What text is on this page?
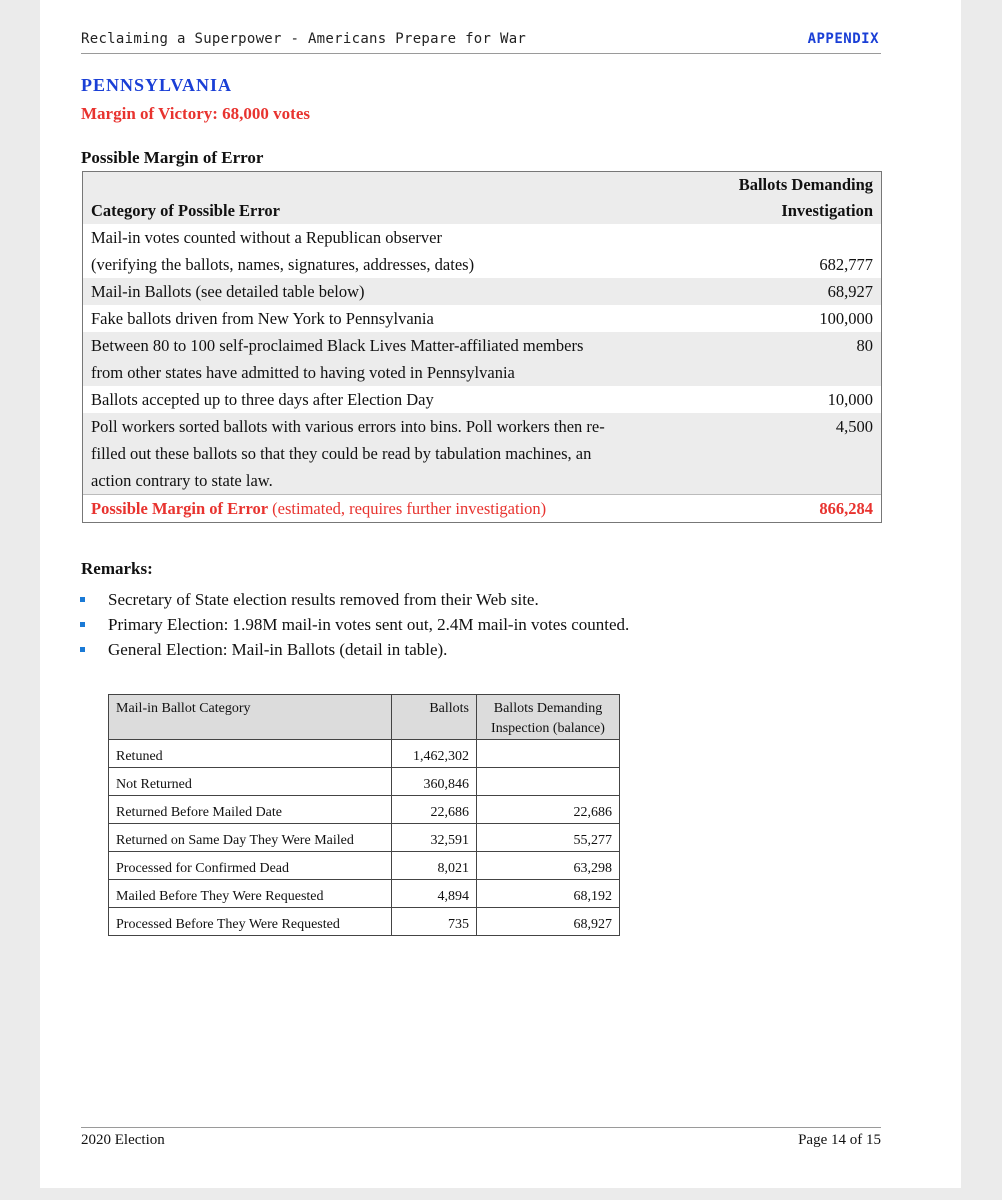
Reclaiming a Superpower - Americans Prepare for War	APPENDIX
PENNSYLVANIA
Margin of Victory: 68,000 votes
Possible Margin of Error
Category of Possible Error
Ballots Demanding
Investigation
Mail-in votes counted without a Republican observer
(verifying the ballots, names, signatures, addresses, dates)	682,777
Mail-in Ballots (see detailed table below)	68,927
Fake ballots driven from New York to Pennsylvania	100,000
Between 80 to 100 self-proclaimed Black Lives Matter-affiliated members
from other states have admitted to having voted in Pennsylvania
80
Ballots accepted up to three days after Election Day	10,000
Poll workers sorted ballots with various errors into bins. Poll workers then re-
filled out these ballots so that they could be read by tabulation machines, an
action contrary to state law.
4,500
Possible Margin of Error (estimated, requires further investigation)	866,284
Remarks:
Secretary of State election results removed from their Web site.
Primary Election: 1.98M mail-in votes sent out, 2.4M mail-in votes counted.
General Election: Mail-in Ballots (detail in table).
Mail-in Ballot Category	Ballots	Ballots Demanding
Inspection (balance)

Retuned	1,462,302	
Not Returned	360,846	
Returned Before Mailed Date	22,686	22,686
Returned on Same Day They Were Mailed	32,591	55,277
Processed for Confirmed Dead	8,021	63,298
Mailed Before They Were Requested	4,894	68,192
Processed Before They Were Requested	735	68,927
2020 Election	Page 14 of 15
